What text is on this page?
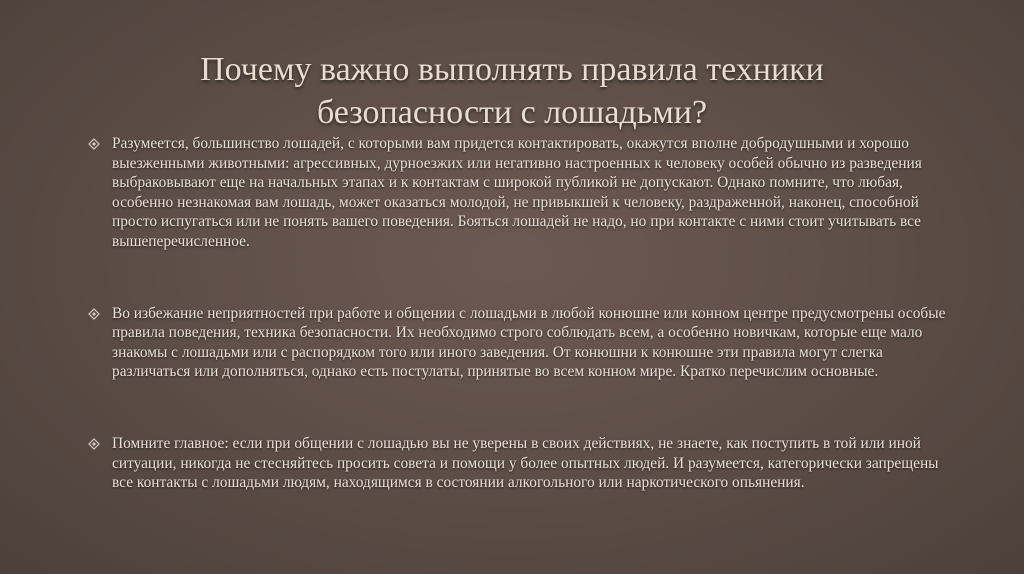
Почему важно выполнять правила техники безопасности с лошадьми?
Разумеется, большинство лошадей, с которыми вам придется контактировать, окажутся вполне добродушными и хорошо выезженными животными: агрессивных, дурноезжих или негативно настроенных к человеку особей обычно из разведения выбраковывают еще на начальных этапах и к контактам с широкой публикой не допускают. Однако помните, что любая, особенно незнакомая вам лошадь, может оказаться молодой, не привыкшей к человеку, раздраженной, наконец, способной просто испугаться или не понять вашего поведения. Бояться лошадей не надо, но при контакте с ними стоит учитывать все вышеперечисленное.
Во избежание неприятностей при работе и общении с лошадьми в любой конюшне или конном центре предусмотрены особые правила поведения, техника безопасности. Их необходимо строго соблюдать всем, а особенно новичкам, которые еще мало знакомы с лошадьми или с распорядком того или иного заведения. От конюшни к конюшне эти правила могут слегка различаться или дополняться, однако есть постулаты, принятые во всем конном мире. Кратко перечислим основные.
Помните главное: если при общении с лошадью вы не уверены в своих действиях, не знаете, как поступить в той или иной ситуации, никогда не стесняйтесь просить совета и помощи у более опытных людей. И разумеется, категорически запрещены все контакты с лошадьми людям, находящимся в состоянии алкогольного или наркотического опьянения.
